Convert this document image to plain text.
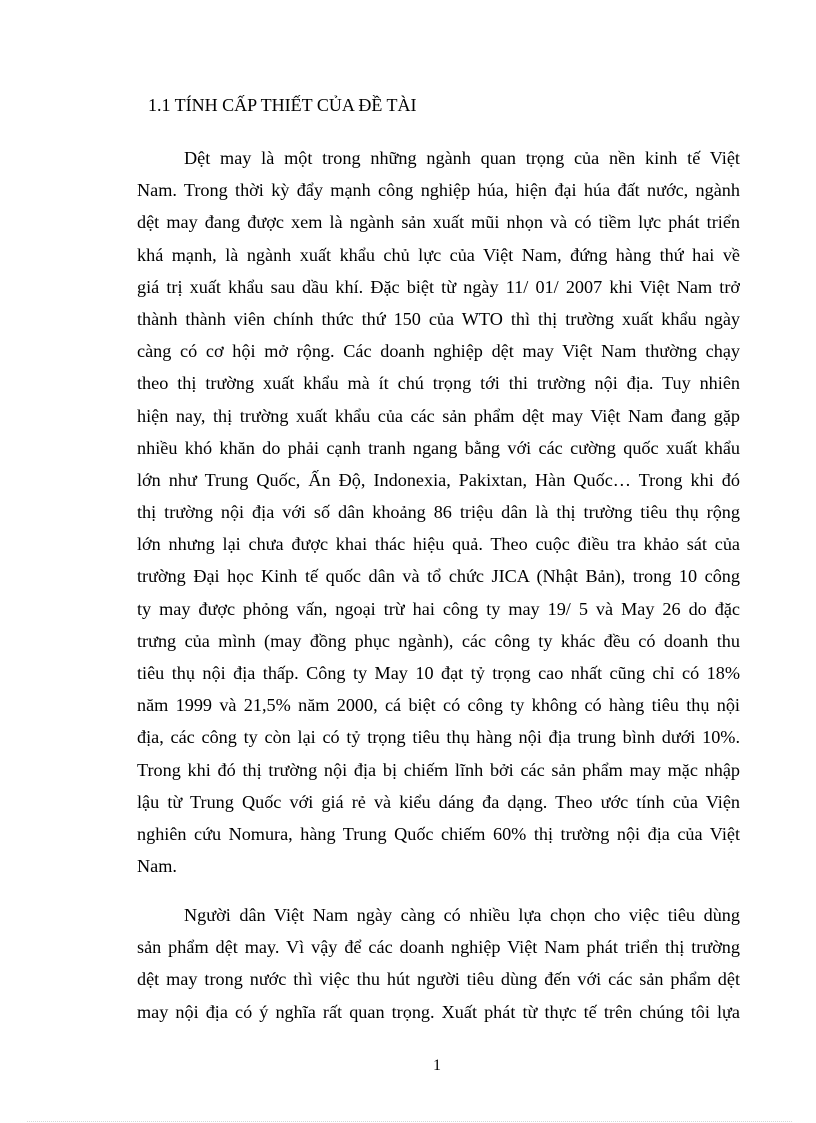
1.1 TÍNH CẤP THIẾT CỦA ĐỀ TÀI
Dệt may là một trong những ngành quan trọng của nền kinh tế Việt
Nam. Trong thời kỳ đẩy mạnh công nghiệp húa, hiện đại húa đất nước, ngành
dệt may đang được xem là ngành sản xuất mũi nhọn và có tiềm lực phát triển
khá mạnh, là ngành xuất khẩu chủ lực của Việt Nam, đứng hàng thứ hai về
giá trị xuất khẩu sau dầu khí. Đặc biệt từ ngày 11/ 01/ 2007 khi Việt Nam trở
thành thành viên chính thức thứ 150 của WTO thì thị trường xuất khẩu ngày
càng có cơ hội mở rộng. Các doanh nghiệp dệt may Việt Nam thường chạy
theo thị trường xuất khẩu mà ít chú trọng tới thi trường nội địa. Tuy nhiên
hiện nay, thị trường xuất khẩu của các sản phẩm dệt may Việt Nam đang gặp
nhiều khó khăn do phải cạnh tranh ngang bằng với các cường quốc xuất khẩu
lớn như Trung Quốc, Ấn Độ, Indonexia, Pakixtan, Hàn Quốc… Trong khi đó
thị trường nội địa với số dân khoảng 86 triệu dân là thị trường tiêu thụ rộng
lớn nhưng lại chưa được khai thác hiệu quả. Theo cuộc điều tra khảo sát của
trường Đại học Kinh tế quốc dân và tổ chức JICA (Nhật Bản), trong 10 công
ty may được phỏng vấn, ngoại trừ hai công ty may 19/ 5 và May 26 do đặc
trưng của mình (may đồng phục ngành), các công ty khác đều có doanh thu
tiêu thụ nội địa thấp. Công ty May 10 đạt tỷ trọng cao nhất cũng chỉ có 18%
năm 1999 và 21,5% năm 2000, cá biệt có công ty không có hàng tiêu thụ nội
địa, các công ty còn lại có tỷ trọng tiêu thụ hàng nội địa trung bình dưới 10%.
Trong khi đó thị trường nội địa bị chiếm lĩnh bởi các sản phẩm may mặc nhập
lậu từ Trung Quốc với giá rẻ và kiểu dáng đa dạng. Theo ước tính của Viện
nghiên cứu Nomura, hàng Trung Quốc chiếm 60% thị trường nội địa của Việt
Nam.
Người dân Việt Nam ngày càng có nhiều lựa chọn cho việc tiêu dùng
sản phẩm dệt may. Vì vậy để các doanh nghiệp Việt Nam phát triển thị trường
dệt may trong nước thì việc thu hút người tiêu dùng đến với các sản phẩm dệt
may nội địa có ý nghĩa rất quan trọng. Xuất phát từ thực tế trên chúng tôi lựa
1
